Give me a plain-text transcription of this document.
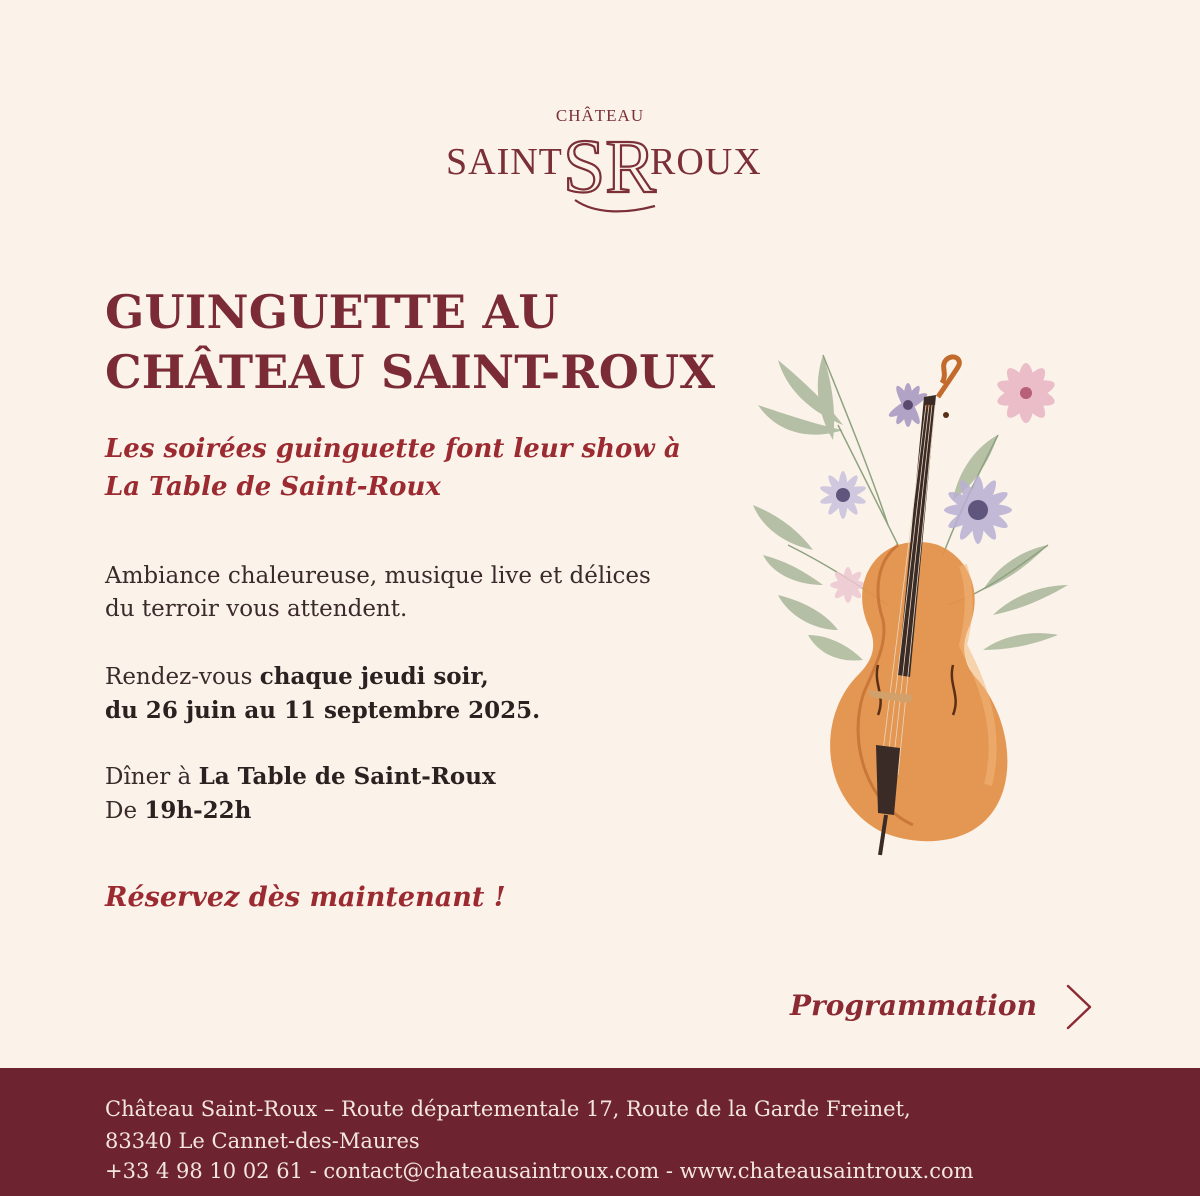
CHÂTEAU
SAINT SR
ROUX
GUINGUETTE AU
CHÂTEAU SAINT-ROUX

Les soirées guinguette font leur show à
La Table de Saint-Roux

Ambiance chaleureuse, musique live et délices
du terroir vous attendent.

Rendez-vous chaque jeudi soir,
du 26 juin au 11 septembre 2025.

Dîner à La Table de Saint-Roux
De 19h-22h

Réservez dès maintenant !

Programmation
Château Saint-Roux – Route départementale 17, Route de la Garde Freinet,
83340 Le Cannet-des-Maures
+33 4 98 10 02 61 - contact@chateausaintroux.com - www.chateausaintroux.com
